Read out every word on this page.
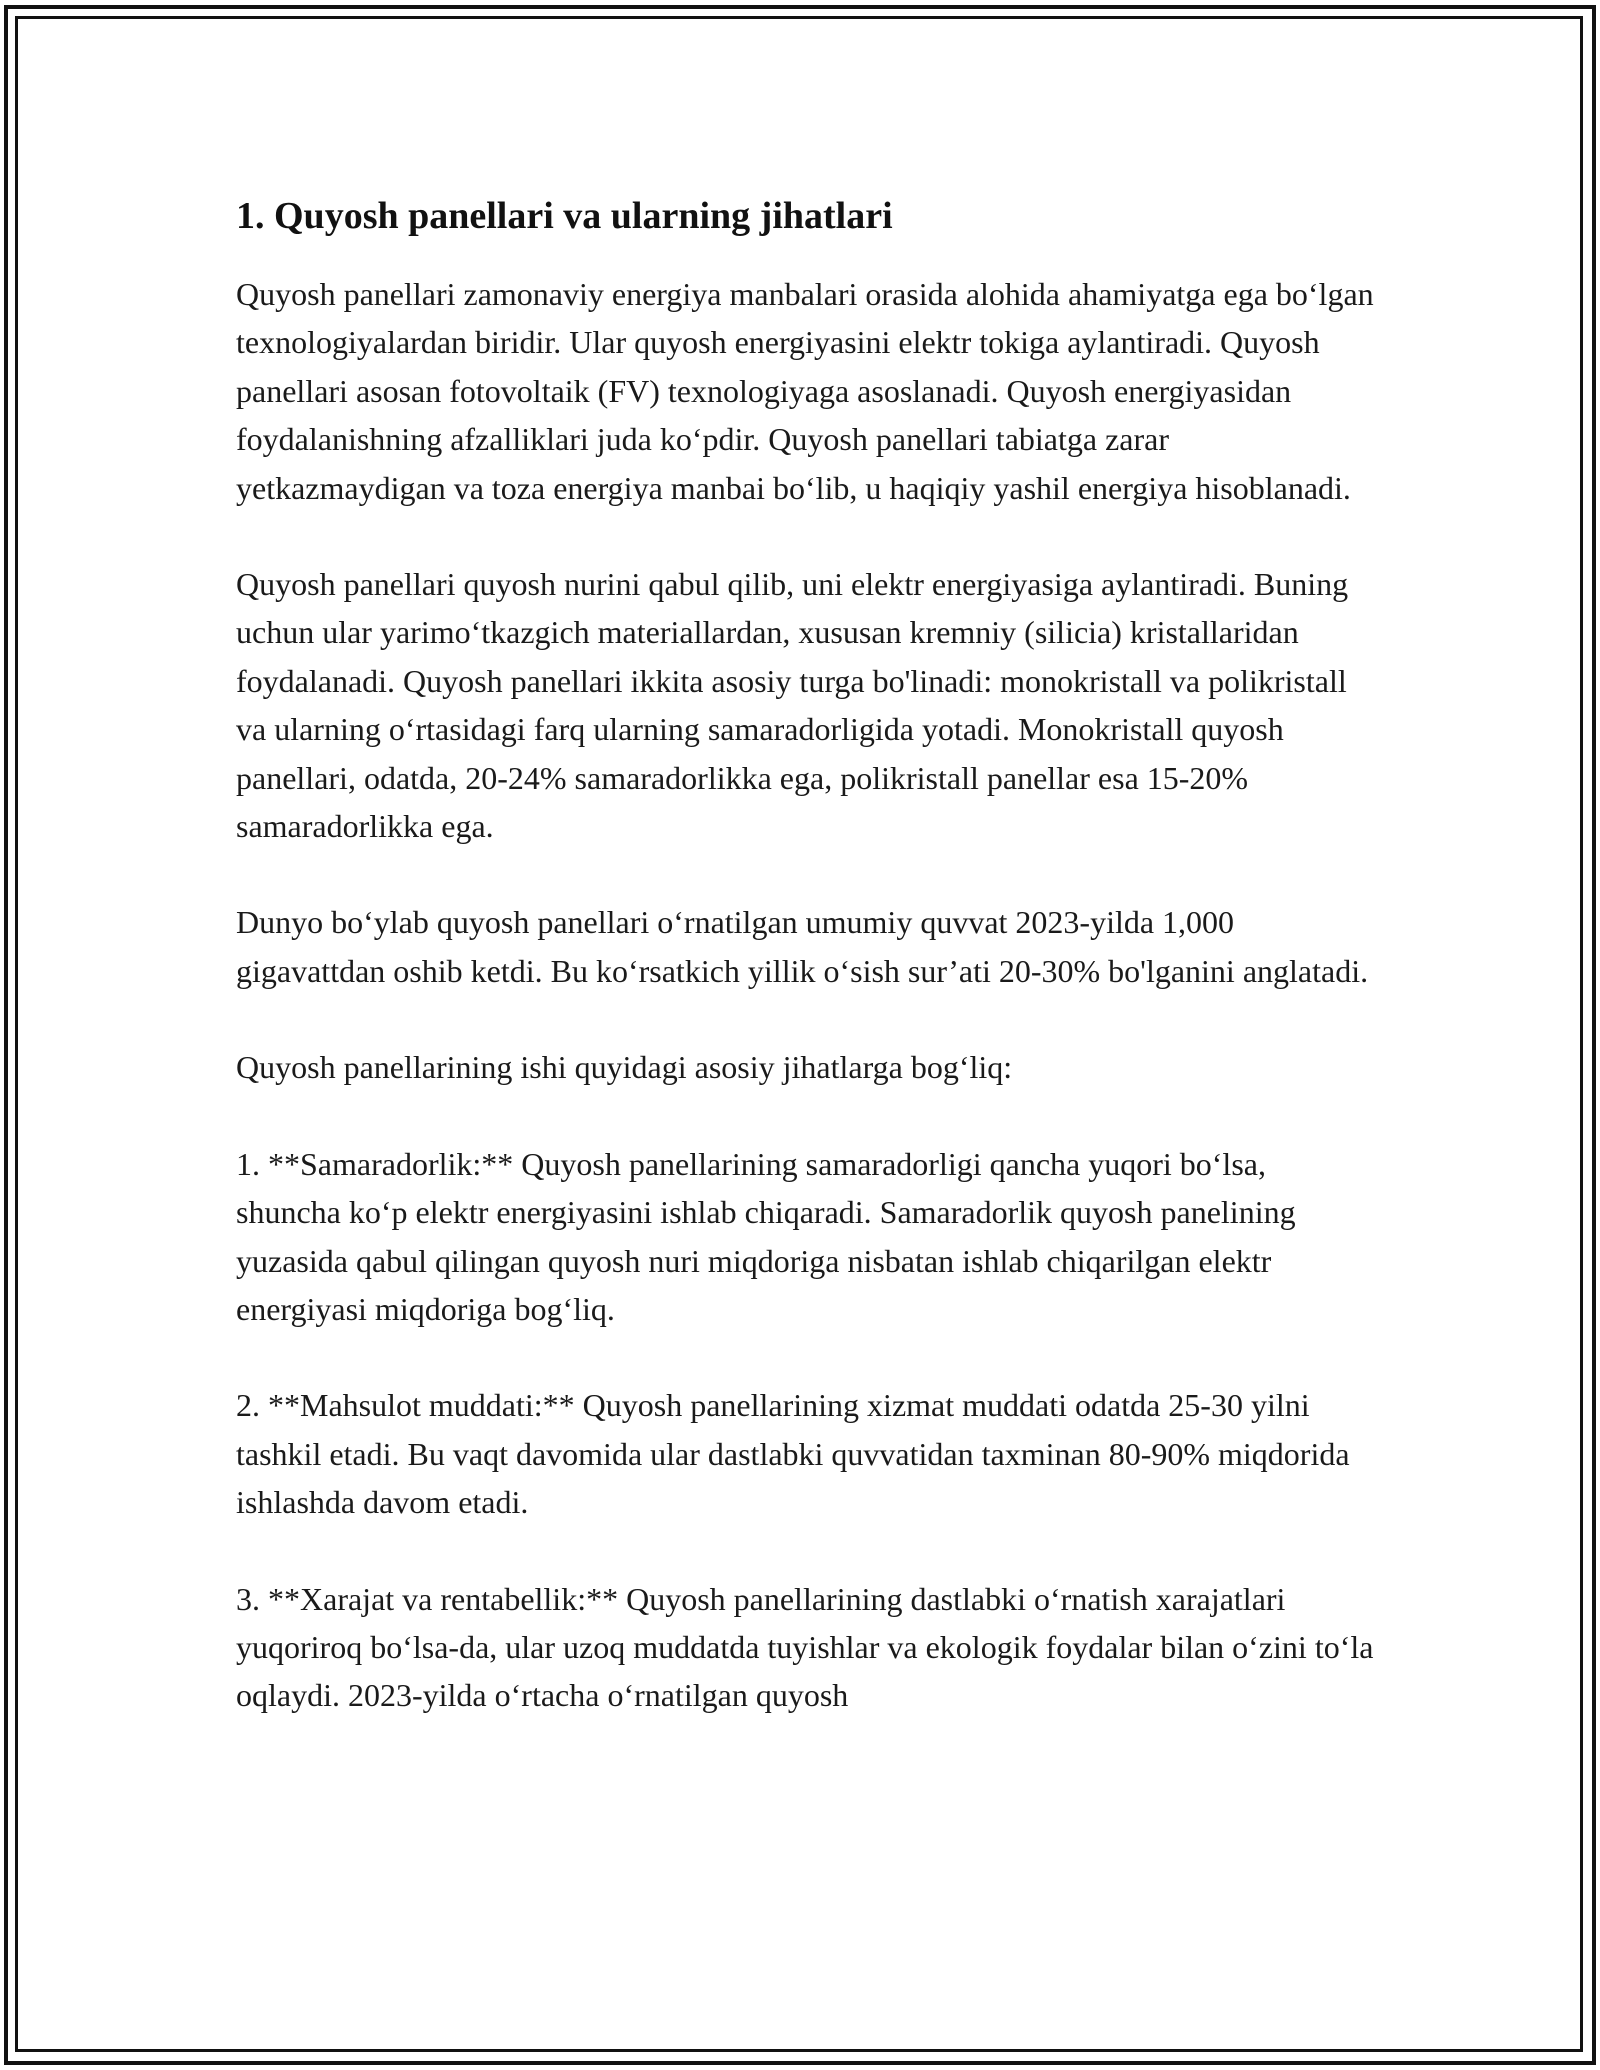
1. Quyosh panellari va ularning jihatlari

Quyosh panellari zamonaviy energiya manbalari orasida alohida ahamiyatga ega boʻlgan texnologiyalardan biridir. Ular quyosh energiyasini elektr tokiga aylantiradi. Quyosh panellari asosan fotovoltaik (FV) texnologiyaga asoslanadi. Quyosh energiyasidan foydalanishning afzalliklari juda koʻpdir. Quyosh panellari tabiatga zarar yetkazmaydigan va toza energiya manbai boʻlib, u haqiqiy yashil energiya hisoblanadi.

Quyosh panellari quyosh nurini qabul qilib, uni elektr energiyasiga aylantiradi. Buning uchun ular yarimoʻtkazgich materiallardan, xususan kremniy (silicia) kristallaridan foydalanadi. Quyosh panellari ikkita asosiy turga bo'linadi: monokristall va polikristall va ularning oʻrtasidagi farq ularning samaradorligida yotadi. Monokristall quyosh panellari, odatda, 20-24% samaradorlikka ega, polikristall panellar esa 15-20% samaradorlikka ega.

Dunyo boʻylab quyosh panellari oʻrnatilgan umumiy quvvat 2023-yilda 1,000 gigavattdan oshib ketdi. Bu koʻrsatkich yillik oʻsish sur’ati 20-30% bo'lganini anglatadi.

Quyosh panellarining ishi quyidagi asosiy jihatlarga bogʻliq:

1. **Samaradorlik:** Quyosh panellarining samaradorligi qancha yuqori boʻlsa, shuncha koʻp elektr energiyasini ishlab chiqaradi. Samaradorlik quyosh panelining yuzasida qabul qilingan quyosh nuri miqdoriga nisbatan ishlab chiqarilgan elektr energiyasi miqdoriga bogʻliq.

2. **Mahsulot muddati:** Quyosh panellarining xizmat muddati odatda 25-30 yilni tashkil etadi. Bu vaqt davomida ular dastlabki quvvatidan taxminan 80-90% miqdorida ishlashda davom etadi.

3. **Xarajat va rentabellik:** Quyosh panellarining dastlabki oʻrnatish xarajatlari yuqoriroq boʻlsa-da, ular uzoq muddatda tuyishlar va ekologik foydalar bilan oʻzini toʻla oqlaydi. 2023-yilda oʻrtacha oʻrnatilgan quyosh
